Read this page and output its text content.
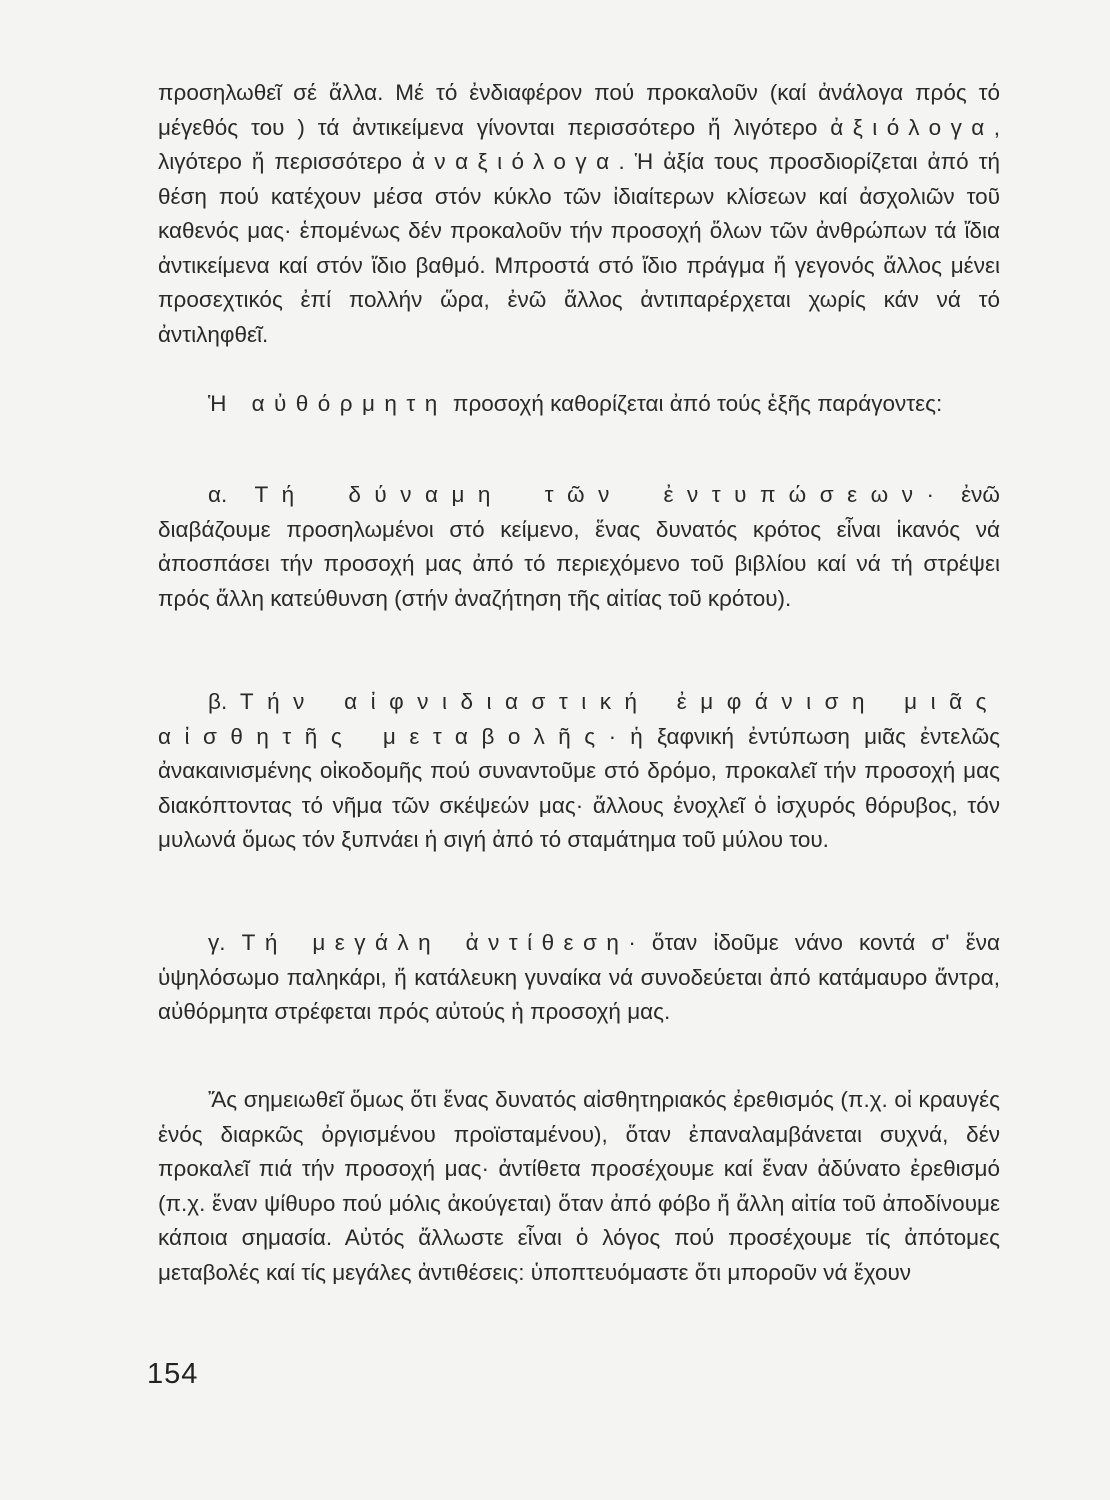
προσηλωθεῖ σέ ἄλλα. Μέ τό ἐνδιαφέρον πού προκαλοῦν (καί ἀνάλογα πρός τό μέγεθός του ) τά ἀντικείμενα γίνονται περισσότερο ἤ λιγότερο ἀξιόλογα, λιγότερο ἤ περισσότερο ἀναξιόλογα. Ἡ ἀξία τους προσδιορίζεται ἀπό τή θέση πού κατέχουν μέσα στόν κύκλο τῶν ἰδιαίτερων κλίσεων καί ἀσχολιῶν τοῦ καθενός μας· ἑπομένως δέν προκαλοῦν τήν προσοχή ὅλων τῶν ἀνθρώπων τά ἴδια ἀντικείμενα καί στόν ἴδιο βαθμό. Μπροστά στό ἴδιο πράγμα ἤ γεγονός ἄλλος μένει προσεχτικός ἐπί πολλήν ὥρα, ἐνῶ ἄλλος ἀντιπαρέρχεται χωρίς κάν νά τό ἀντιληφθεῖ.

Ἡ αὐθόρμητη προσοχή καθορίζεται ἀπό τούς ἑξῆς παράγοντες:

α. Τή δύναμη τῶν ἐντυπώσεων· ἐνῶ διαβάζουμε προσηλωμένοι στό κείμενο, ἕνας δυνατός κρότος εἶναι ἱκανός νά ἀποσπάσει τήν προσοχή μας ἀπό τό περιεχόμενο τοῦ βιβλίου καί νά τή στρέψει πρός ἄλλη κατεύθυνση (στήν ἀναζήτηση τῆς αἰτίας τοῦ κρότου).

β. Τήν αἰφνιδιαστική ἐμφάνιση μιᾶς αἰσθητῆς μεταβολῆς· ἡ ξαφνική ἐντύπωση μιᾶς ἐντελῶς ἀνακαινισμένης οἰκοδομῆς πού συναντοῦμε στό δρόμο, προκαλεῖ τήν προσοχή μας διακόπτοντας τό νῆμα τῶν σκέψεών μας· ἄλλους ἐνοχλεῖ ὁ ἰσχυρός θόρυβος, τόν μυλωνά ὅμως τόν ξυπνάει ἡ σιγή ἀπό τό σταμάτημα τοῦ μύλου του.

γ. Τή μεγάλη ἀντίθεση· ὅταν ἰδοῦμε νάνο κοντά σ' ἕνα ὑψηλόσωμο παληκάρι, ἤ κατάλευκη γυναίκα νά συνοδεύεται ἀπό κατάμαυρο ἄντρα, αὐθόρμητα στρέφεται πρός αὐτούς ἡ προσοχή μας.

Ἄς σημειωθεῖ ὅμως ὅτι ἕνας δυνατός αἰσθητηριακός ἐρεθισμός (π.χ. οἱ κραυγές ἑνός διαρκῶς ὀργισμένου προϊσταμένου), ὅταν ἐπαναλαμβάνεται συχνά, δέν προκαλεῖ πιά τήν προσοχή μας· ἀντίθετα προσέχουμε καί ἕναν ἀδύνατο ἐρεθισμό (π.χ. ἕναν ψίθυρο πού μόλις ἀκούγεται) ὅταν ἀπό φόβο ἤ ἄλλη αἰτία τοῦ ἀποδίνουμε κάποια σημασία. Αὐτός ἄλλωστε εἶναι ὁ λόγος πού προσέχουμε τίς ἀπότομες μεταβολές καί τίς μεγάλες ἀντιθέσεις: ὑποπτευόμαστε ὅτι μποροῦν νά ἔχουν

154
